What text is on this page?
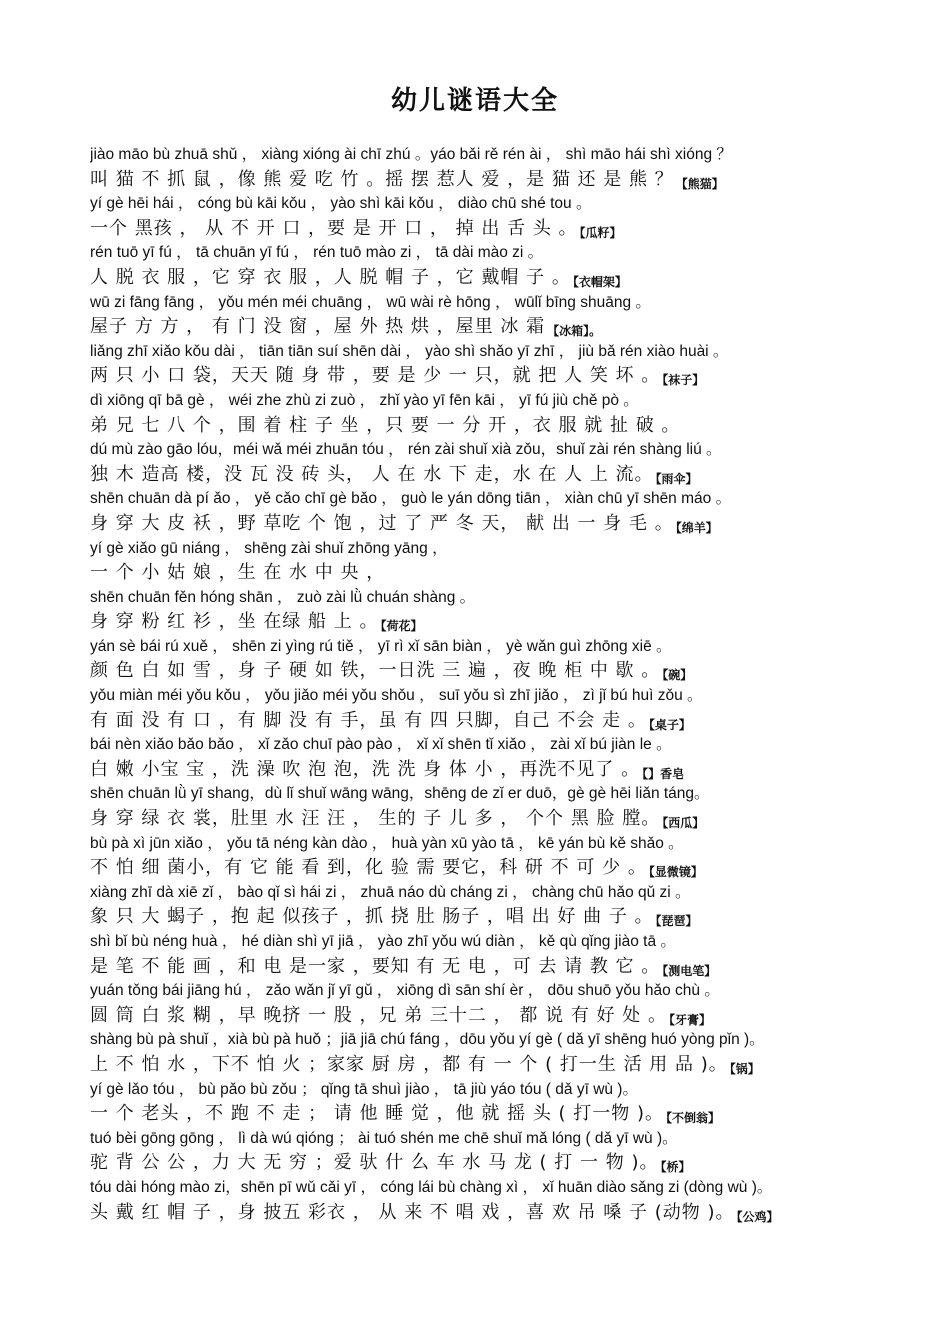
幼儿谜语大全
jiào māo bù zhuā shǔ ， xiàng xióng ài chī zhú 。yáo bǎi rě rén ài ， shì māo hái shì xióng ？
叫 猫 不 抓 鼠 ，像 熊 爱 吃 竹 。摇 摆 惹人 爱 ，是 猫 还 是 熊 ？ 【熊猫】
yí gè hēi hái ， cóng bù kāi kǒu ， yào shì kāi kǒu ， diào chū shé tou 。
一个 黑孩 ， 从 不 开 口 ，要 是 开 口 ， 掉 出 舌 头 。 【瓜籽】
rén tuō yī fú ， tā chuān yī fú ， rén tuō mào zi ， tā dài mào zi 。
人 脱 衣 服 ，它 穿 衣 服 ，人 脱 帽 子 ，它 戴帽 子 。 【衣帽架】
wū zi fāng fāng ， yǒu mén méi chuāng ， wū wài rè hōng ， wūlǐ bīng shuāng 。
屋子 方 方 ， 有 门 没 窗 ，屋 外 热 烘 ，屋里 冰 霜 【冰箱】。
liǎng zhī xiǎo kǒu dài ， tiān tiān suí shēn dài ， yào shì shǎo yī zhī ， jiù bǎ rén xiào huài 。
两 只 小 口 袋，天天 随 身 带 ，要 是 少 一 只，就 把 人 笑 坏 。 【袜子】
dì xiōng qī bā gè ， wéi zhe zhù zi zuò ， zhǐ yào yī fēn kāi ， yī fú jiù chě pò 。
弟 兄 七 八 个 ，围 着 柱 子 坐 ，只 要 一 分 开 ，衣 服 就 扯 破 。
dú mù zào gāo lóu，méi wǎ méi zhuān tóu ， rén zài shuǐ xià zǒu，shuǐ zài rén shàng liú 。
独 木 造高 楼，没 瓦 没 砖 头， 人 在 水 下 走，水 在 人 上 流。 【雨伞】
shēn chuān dà pí ǎo ， yě cǎo chī gè bǎo ， guò le yán dōng tiān ， xiàn chū yī shēn máo 。
身 穿 大 皮 袄 ，野 草吃 个 饱 ，过 了 严 冬 天， 献 出 一 身 毛 。 【绵羊】
yí gè xiǎo gū niáng ， shēng zài shuǐ zhōng yāng ，
一 个 小 姑 娘 ，生 在 水 中 央 ，
shēn chuān fěn hóng shān ， zuò zài lǜ chuán shàng 。
身 穿 粉 红 衫 ，坐 在绿 船 上 。 【荷花】
yán sè bái rú xuě ， shēn zi yìng rú tiě ， yī rì xǐ sān biàn ， yè wǎn guì zhōng xiē 。
颜 色 白 如 雪 ，身 子 硬 如 铁，一日洗 三 遍 ，夜 晚 柜 中 歇 。 【碗】
yǒu miàn méi yǒu kǒu ， yǒu jiǎo méi yǒu shǒu ， suī yǒu sì zhī jiǎo ， zì jǐ bú huì zǒu 。
有 面 没 有 口 ，有 脚 没 有 手，虽 有 四 只脚，自己 不会 走 。 【桌子】
bái nèn xiǎo bǎo bǎo ， xǐ zǎo chuī pào pào ， xǐ xǐ shēn tǐ xiǎo ， zài xǐ bú jiàn le 。
白 嫩 小宝 宝 ，洗 澡 吹 泡 泡，洗 洗 身 体 小 ，再洗不见了 。 【】香皂
shēn chuān lǜ yī shang，dù lǐ shuǐ wāng wāng，shēng de zǐ er duō，gè gè hēi liǎn táng。
身 穿 绿 衣 裳，肚里 水 汪 汪 ， 生的 子 儿 多 ， 个个 黑 脸 膛。 【西瓜】
bù pà xì jūn xiǎo ， yǒu tā néng kàn dào ， huà yàn xū yào tā ， kē yán bù kě shǎo 。
不 怕 细 菌小，有 它 能 看 到，化 验 需 要它，科 研 不 可 少 。 【显微镜】
xiàng zhī dà xiē zǐ ， bào qǐ sì hái zi ， zhuā náo dù cháng zi ， chàng chū hǎo qǔ zi 。
象 只 大 蝎子 ，抱 起 似孩子 ，抓 挠 肚 肠子 ，唱 出 好 曲 子 。 【琵琶】
shì bǐ bù néng huà ， hé diàn shì yī jiā ， yào zhī yǒu wú diàn ， kě qù qǐng jiào tā 。
是 笔 不 能 画 ，和 电 是一家 ，要知 有 无 电 ，可 去 请 教 它 。 【测电笔】
yuán tǒng bái jiāng hú ， zǎo wǎn jǐ yī gǔ ， xiōng dì sān shí èr ， dōu shuō yǒu hǎo chù 。
圆 筒 白 浆 糊 ，早 晚挤 一 股 ，兄 弟 三十二 ， 都 说 有 好 处 。 【牙膏】
shàng bù pà shuǐ ，xià bù pà huǒ ；jiā jiā chú fáng ，dōu yǒu yí gè ( dǎ yī shēng huó yòng pǐn )。
上 不 怕 水 ，下不 怕 火 ；家家 厨 房 ，都 有 一 个 ( 打一生 活 用 品 )。 【锅】
yí gè lǎo tóu ， bù pǎo bù zǒu ； qǐng tā shuì jiào ， tā jiù yáo tóu ( dǎ yī wù )。
一 个 老头 ，不 跑 不 走 ； 请 他 睡 觉 ，他 就 摇 头 ( 打一物 )。 【不倒翁】
tuó bèi gōng gōng ， lì dà wú qióng ； ài tuó shén me chē shuǐ mǎ lóng ( dǎ yī wù )。
驼 背 公 公 ，力 大 无 穷 ；爱 驮 什 么 车 水 马 龙 ( 打 一 物 )。 【桥】
tóu dài hóng mào zi，shēn pī wǔ cǎi yī ， cóng lái bù chàng xì ， xǐ huān diào sǎng zi (dòng wù )。
头 戴 红 帽 子 ，身 披五 彩衣 ， 从 来 不 唱 戏 ，喜 欢 吊 嗓 子 (动物 )。 【公鸡】
